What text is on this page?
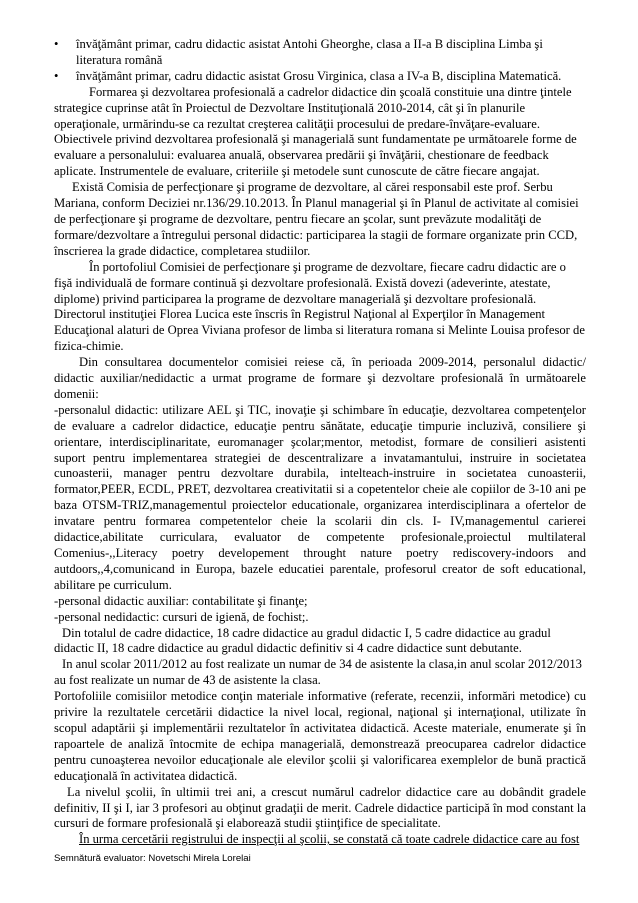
• învăţământ primar, cadru didactic asistat Antohi Gheorghe, clasa a II-a B disciplina Limba şi literatura română
• învăţământ primar, cadru didactic asistat Grosu Virginica, clasa a IV-a B, disciplina Matematică.

Formarea şi dezvoltarea profesională a cadrelor didactice din şcoală constituie una dintre ţintele strategice cuprinse atât în Proiectul de Dezvoltare Instituţională 2010-2014, cât şi în planurile operaţionale, urmărindu-se ca rezultat creşterea calităţii procesului de predare-învăţare-evaluare. Obiectivele privind dezvoltarea profesională şi managerială sunt fundamentate pe următoarele forme de evaluare a personalului: evaluarea anuală, observarea predării şi învăţării, chestionare de feedback aplicate. Instrumentele de evaluare, criteriile şi metodele sunt cunoscute de către fiecare angajat.

Există Comisia de perfecţionare şi programe de dezvoltare, al cărei responsabil este prof. Serbu Mariana, conform Deciziei nr.136/29.10.2013. În Planul managerial şi în Planul de activitate al comisiei de perfecţionare şi programe de dezvoltare, pentru fiecare an şcolar, sunt prevăzute modalităţi de formare/dezvoltare a întregului personal didactic: participarea la stagii de formare organizate prin CCD, înscrierea la grade didactice, completarea studiilor.

În portofoliul Comisiei de perfecţionare şi programe de dezvoltare, fiecare cadru didactic are o fişă individuală de formare continuă şi dezvoltare profesională. Există dovezi (adeverinte, atestate, diplome) privind participarea la programe de dezvoltare managerială şi dezvoltare profesională. Directorul instituţiei Florea Lucica este înscris în Registrul Naţional al Experţilor în Management Educaţional alaturi de Oprea Viviana profesor de limba si literatura romana si Melinte Louisa profesor de fizica-chimie.

Din consultarea documentelor comisiei reiese că, în perioada 2009-2014, personalul didactic/ didactic auxiliar/nedidactic a urmat programe de formare şi dezvoltare profesională în următoarele domenii:

-personalul didactic: utilizare AEL şi TIC, inovaţie şi schimbare în educaţie, dezvoltarea competenţelor de evaluare a cadrelor didactice, educaţie pentru sănătate, educaţie timpurie incluzivă, consiliere şi orientare, interdisciplinaritate, euromanager şcolar;mentor, metodist, formare de consilieri asistenti suport pentru implementarea strategiei de descentralizare a invatamantului, instruire in societatea cunoasterii, manager pentru dezvoltare durabila, intelteach-instruire in societatea cunoasterii, formator,PEER, ECDL, PRET, dezvoltarea creativitatii si a copetentelor cheie ale copiilor de 3-10 ani pe baza OTSM-TRIZ,managementul proiectelor educationale, organizarea interdisciplinara a ofertelor de invatare pentru formarea competentelor cheie la scolarii din cls. I- IV,managementul carierei didactice,abilitate curriculara, evaluator de competente profesionale,proiectul multilateral Comenius-,,Literacy poetry developement throught nature poetry rediscovery-indoors and autdoors,,4,comunicand in Europa, bazele educatiei parentale, profesorul creator de soft educational, abilitare pe curriculum.

-personal didactic auxiliar: contabilitate şi finanţe;

-personal nedidactic: cursuri de igienă, de fochist;.

Din totalul de cadre didactice, 18 cadre didactice au gradul didactic I, 5 cadre didactice au gradul didactic II, 18 cadre didactice au gradul didactic definitiv si 4 cadre didactice sunt debutante.

In anul scolar 2011/2012 au fost realizate un numar de 34 de asistente la clasa,in anul scolar 2012/2013 au fost realizate un numar de 43 de asistente la clasa.

Portofoliile comisiilor metodice conţin materiale informative (referate, recenzii, informări metodice) cu privire la rezultatele cercetării didactice la nivel local, regional, naţional şi internaţional, utilizate în scopul adaptării şi implementării rezultatelor în activitatea didactică. Aceste materiale, enumerate şi în rapoartele de analiză întocmite de echipa managerială, demonstrează preocuparea cadrelor didactice pentru cunoaşterea nevoilor educaţionale ale elevilor şcolii şi valorificarea exemplelor de bună practică educaţională în activitatea didactică.

La nivelul şcolii, în ultimii trei ani, a crescut numărul cadrelor didactice care au dobândit gradele definitiv, II şi I, iar 3 profesori au obţinut gradaţii de merit. Cadrele didactice participă în mod constant la cursuri de formare profesională şi elaborează studii ştiinţifice de specialitate.

În urma cercetării registrului de inspecţii al şcolii, se constată că toate cadrele didactice care au fost

Semnătură evaluator: Novetschi Mirela Lorelai
